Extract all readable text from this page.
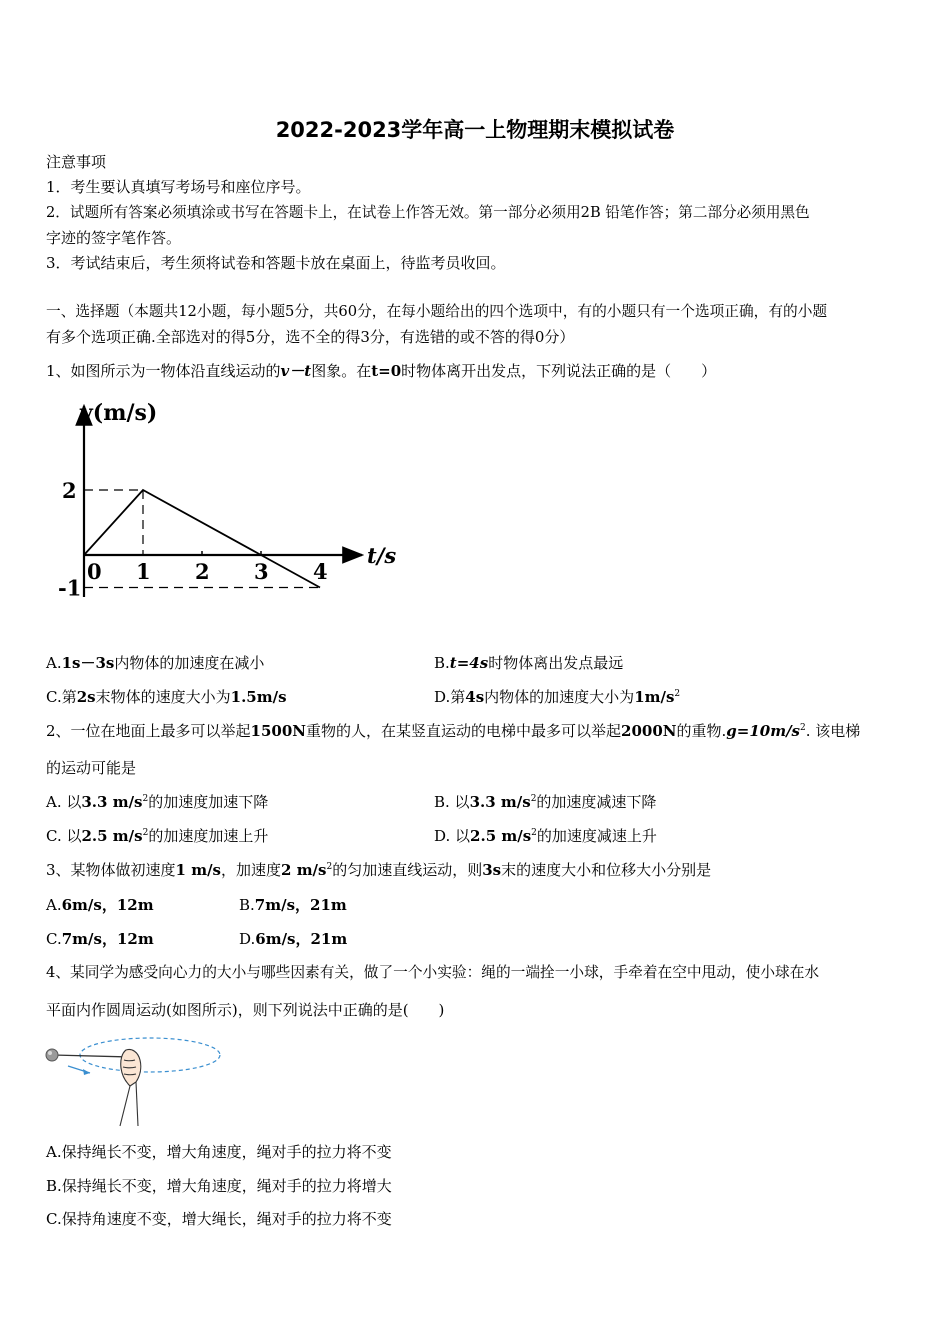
2022-2023学年高一上物理期末模拟试卷
注意事项
1．考生要认真填写考场号和座位序号。
2．试题所有答案必须填涂或书写在答题卡上，在试卷上作答无效。第一部分必须用2B 铅笔作答；第二部分必须用黑色
字迹的签字笔作答。
3．考试结束后，考生须将试卷和答题卡放在桌面上，待监考员收回。
一、选择题（本题共12小题，每小题5分，共60分，在每小题给出的四个选项中，有的小题只有一个选项正确，有的小题
有多个选项正确.全部选对的得5分，选不全的得3分，有选错的或不答的得0分）
1、如图所示为一物体沿直线运动的v－t图象。在t=0时物体离开出发点，下列说法正确的是（　　）
v(m/s)
t/s
2
-1
0 1 2 3 4
A.1s－3s内物体的加速度在减小	B.t=4s时物体离出发点最远
C.第2s末物体的速度大小为1.5m/s	D.第4s内物体的加速度大小为$1m/s^2$
2、一位在地面上最多可以举起1500N重物的人，在某竖直运动的电梯中最多可以举起2000N的重物$.g=10m/s^2$. 该电梯
的运动可能是
A. 以3.3 $m/s^2$的加速度加速下降	B. 以3.3 $m/s^2$的加速度减速下降
C. 以2.5 $m/s^2$的加速度加速上升	D. 以2.5 $m/s^2$的加速度减速上升
3、某物体做初速度1 m/s，加速度2 $m/s^2$的匀加速直线运动，则3s末的速度大小和位移大小分别是
A.6m/s，12m	B.7m/s，21m
C.7m/s，12m	D.6m/s，21m
4、某同学为感受向心力的大小与哪些因素有关，做了一个小实验：绳的一端拴一小球，手牵着在空中甩动，使小球在水
平面内作圆周运动(如图所示)，则下列说法中正确的是(　　)
A.保持绳长不变，增大角速度，绳对手的拉力将不变
B.保持绳长不变，增大角速度，绳对手的拉力将增大
C.保持角速度不变，增大绳长，绳对手的拉力将不变
